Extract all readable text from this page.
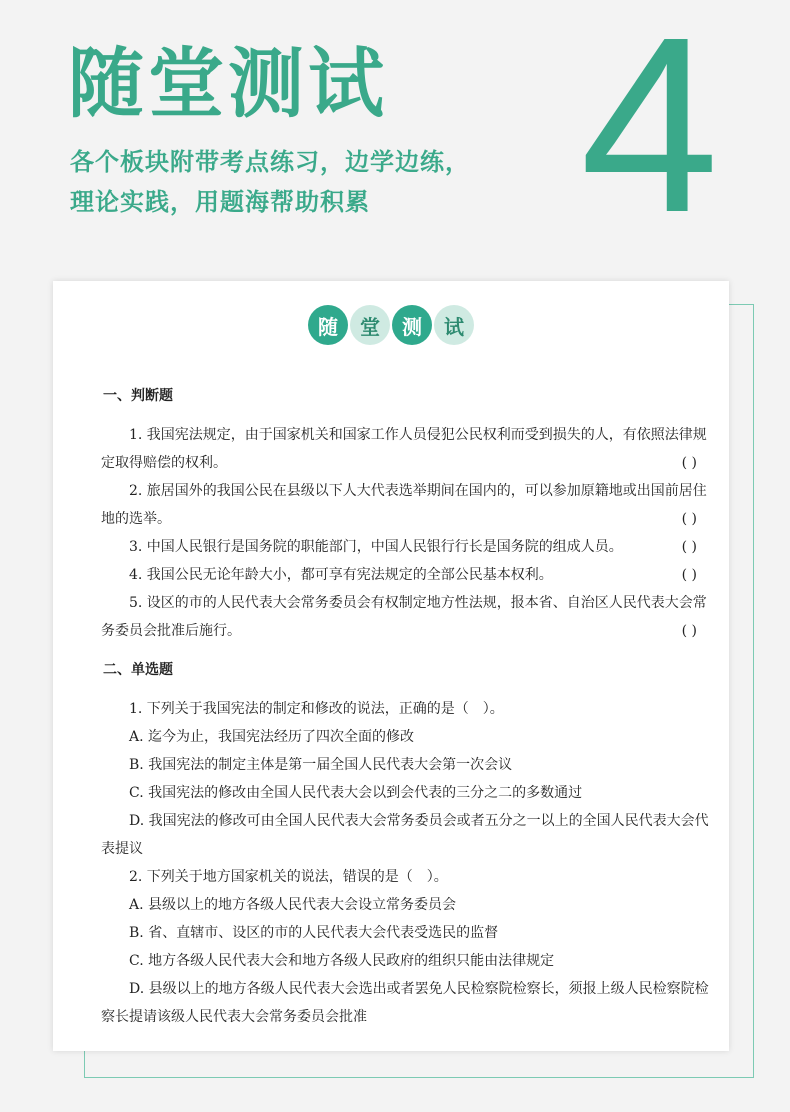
随堂测试
各个板块附带考点练习，边学边练，
理论实践，用题海帮助积累 4
随	堂	测	试
一、判断题
1. 我国宪法规定，由于国家机关和国家工作人员侵犯公民权利而受到损失的人，有依照法律规定取得赔偿的权利。	( )
2. 旅居国外的我国公民在县级以下人大代表选举期间在国内的，可以参加原籍地或出国前居住地的选举。	( )
3. 中国人民银行是国务院的职能部门，中国人民银行行长是国务院的组成人员。	( )
4. 我国公民无论年龄大小，都可享有宪法规定的全部公民基本权利。	( )
5. 设区的市的人民代表大会常务委员会有权制定地方性法规，报本省、自治区人民代表大会常务委员会批准后施行。	( )
二、单选题
1. 下列关于我国宪法的制定和修改的说法，正确的是（　）。
A. 迄今为止，我国宪法经历了四次全面的修改
B. 我国宪法的制定主体是第一届全国人民代表大会第一次会议
C. 我国宪法的修改由全国人民代表大会以到会代表的三分之二的多数通过
D. 我国宪法的修改可由全国人民代表大会常务委员会或者五分之一以上的全国人民代表大会代表提议
2. 下列关于地方国家机关的说法，错误的是（　）。
A. 县级以上的地方各级人民代表大会设立常务委员会
B. 省、直辖市、设区的市的人民代表大会代表受选民的监督
C. 地方各级人民代表大会和地方各级人民政府的组织只能由法律规定
D. 县级以上的地方各级人民代表大会选出或者罢免人民检察院检察长，须报上级人民检察院检察长提请该级人民代表大会常务委员会批准
